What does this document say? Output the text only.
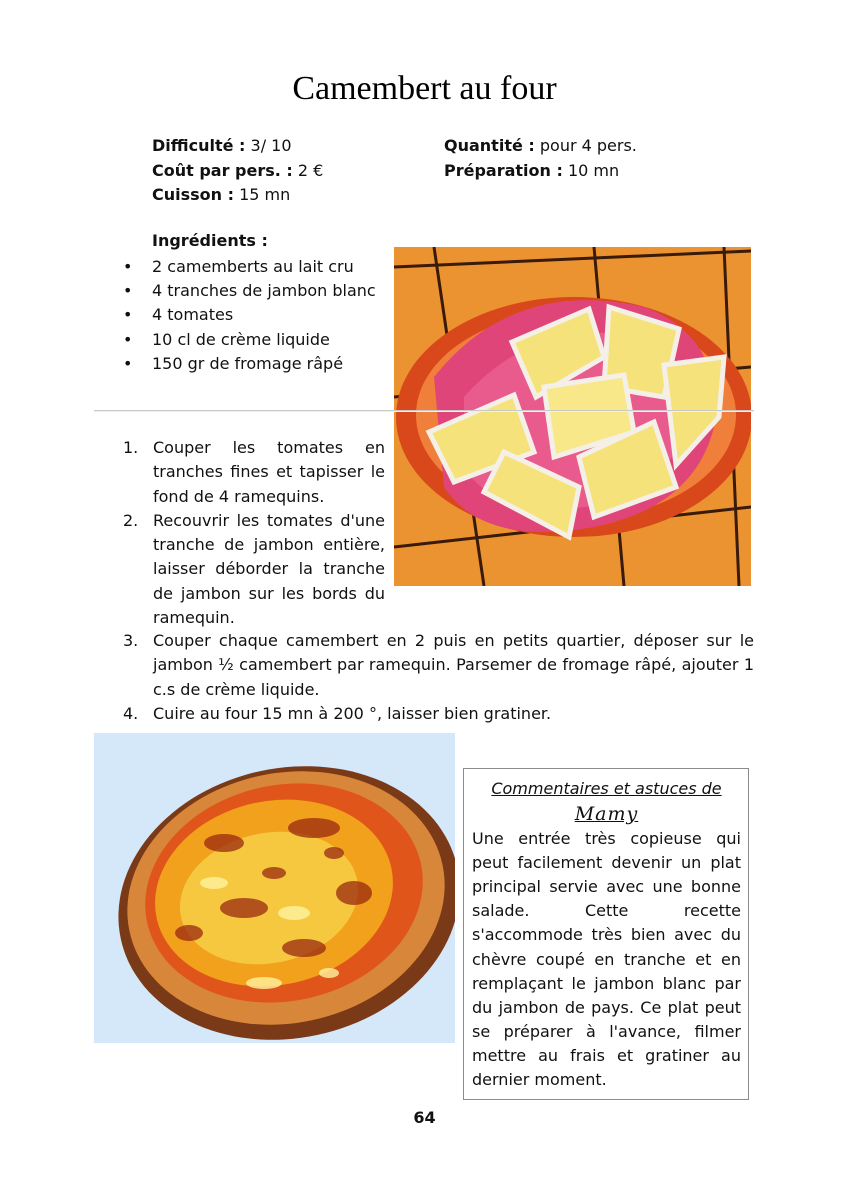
Camembert au four
Difficulté : 3/ 10
Coût par pers. : 2 €
Cuisson : 15 mn
Quantité : pour 4 pers.
Préparation : 10 mn
Ingrédients :
• 2 camemberts au lait cru
• 4 tranches de jambon blanc
• 4 tomates
• 10 cl de crème liquide
• 150 gr de fromage râpé
1. Couper les tomates en tranches fines et tapisser le fond de 4 ramequins.
2. Recouvrir les tomates d'une tranche de jambon entière, laisser déborder la tranche de jambon sur les bords du ramequin.
3. Couper chaque camembert en 2 puis en petits quartier, déposer sur le jambon ½ camembert par ramequin. Parsemer de fromage râpé, ajouter 1 c.s de crème liquide.
4. Cuire au four 15 mn à 200 °, laisser bien gratiner.
Commentaires et astuces de
Mamy
Une entrée très copieuse qui peut facilement devenir un plat principal servie avec une bonne salade. Cette recette s'accommode très bien avec du chèvre coupé en tranche et en remplaçant le jambon blanc par du jambon de pays. Ce plat peut se préparer à l'avance, filmer mettre au frais et gratiner au dernier moment.
64
